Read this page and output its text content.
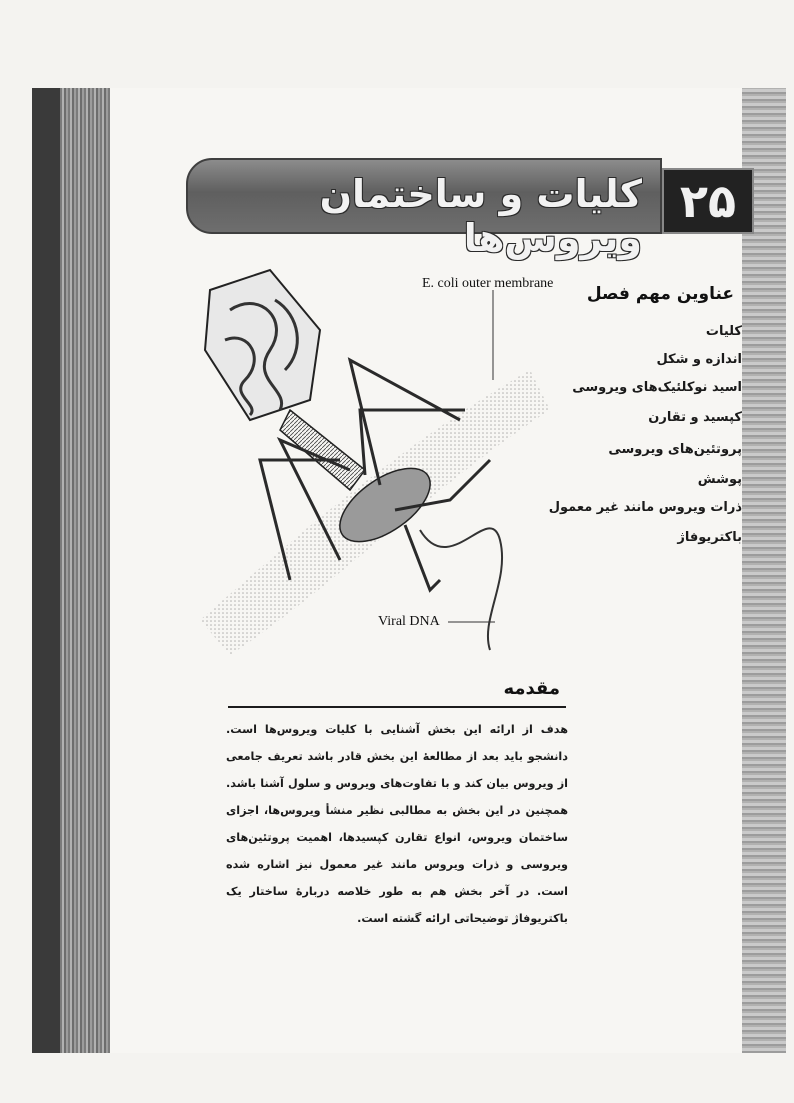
کلیات و ساختمان ویروس‌ها
۲۵
E. coli outer membrane
Viral DNA
عناوین مهم فصل
کلیات
اندازه و شکل
اسید نوکلئیک‌های ویروسی
کپسید و تقارن
پروتئین‌های ویروسی
پوشش
ذرات ویروس مانند غیر معمول
باکتریوفاژ
مقدمه
هدف از ارائه این بخش آشنایی با کلیات ویروس‌ها است. دانشجو باید بعد از مطالعهٔ این بخش قادر باشد تعریف جامعی از ویروس بیان کند و با تفاوت‌های ویروس و سلول آشنا باشد. همچنین در این بخش به مطالبی نظیر منشأ ویروس‌ها، اجزای ساختمان ویروس، انواع تقارن کپسیدها، اهمیت پروتئین‌های ویروسی و ذرات ویروس مانند غیر معمول نیز اشاره شده است. در آخر بخش هم به طور خلاصه دربارهٔ ساختار یک باکتریوفاژ توضیحاتی ارائه گشته است.
